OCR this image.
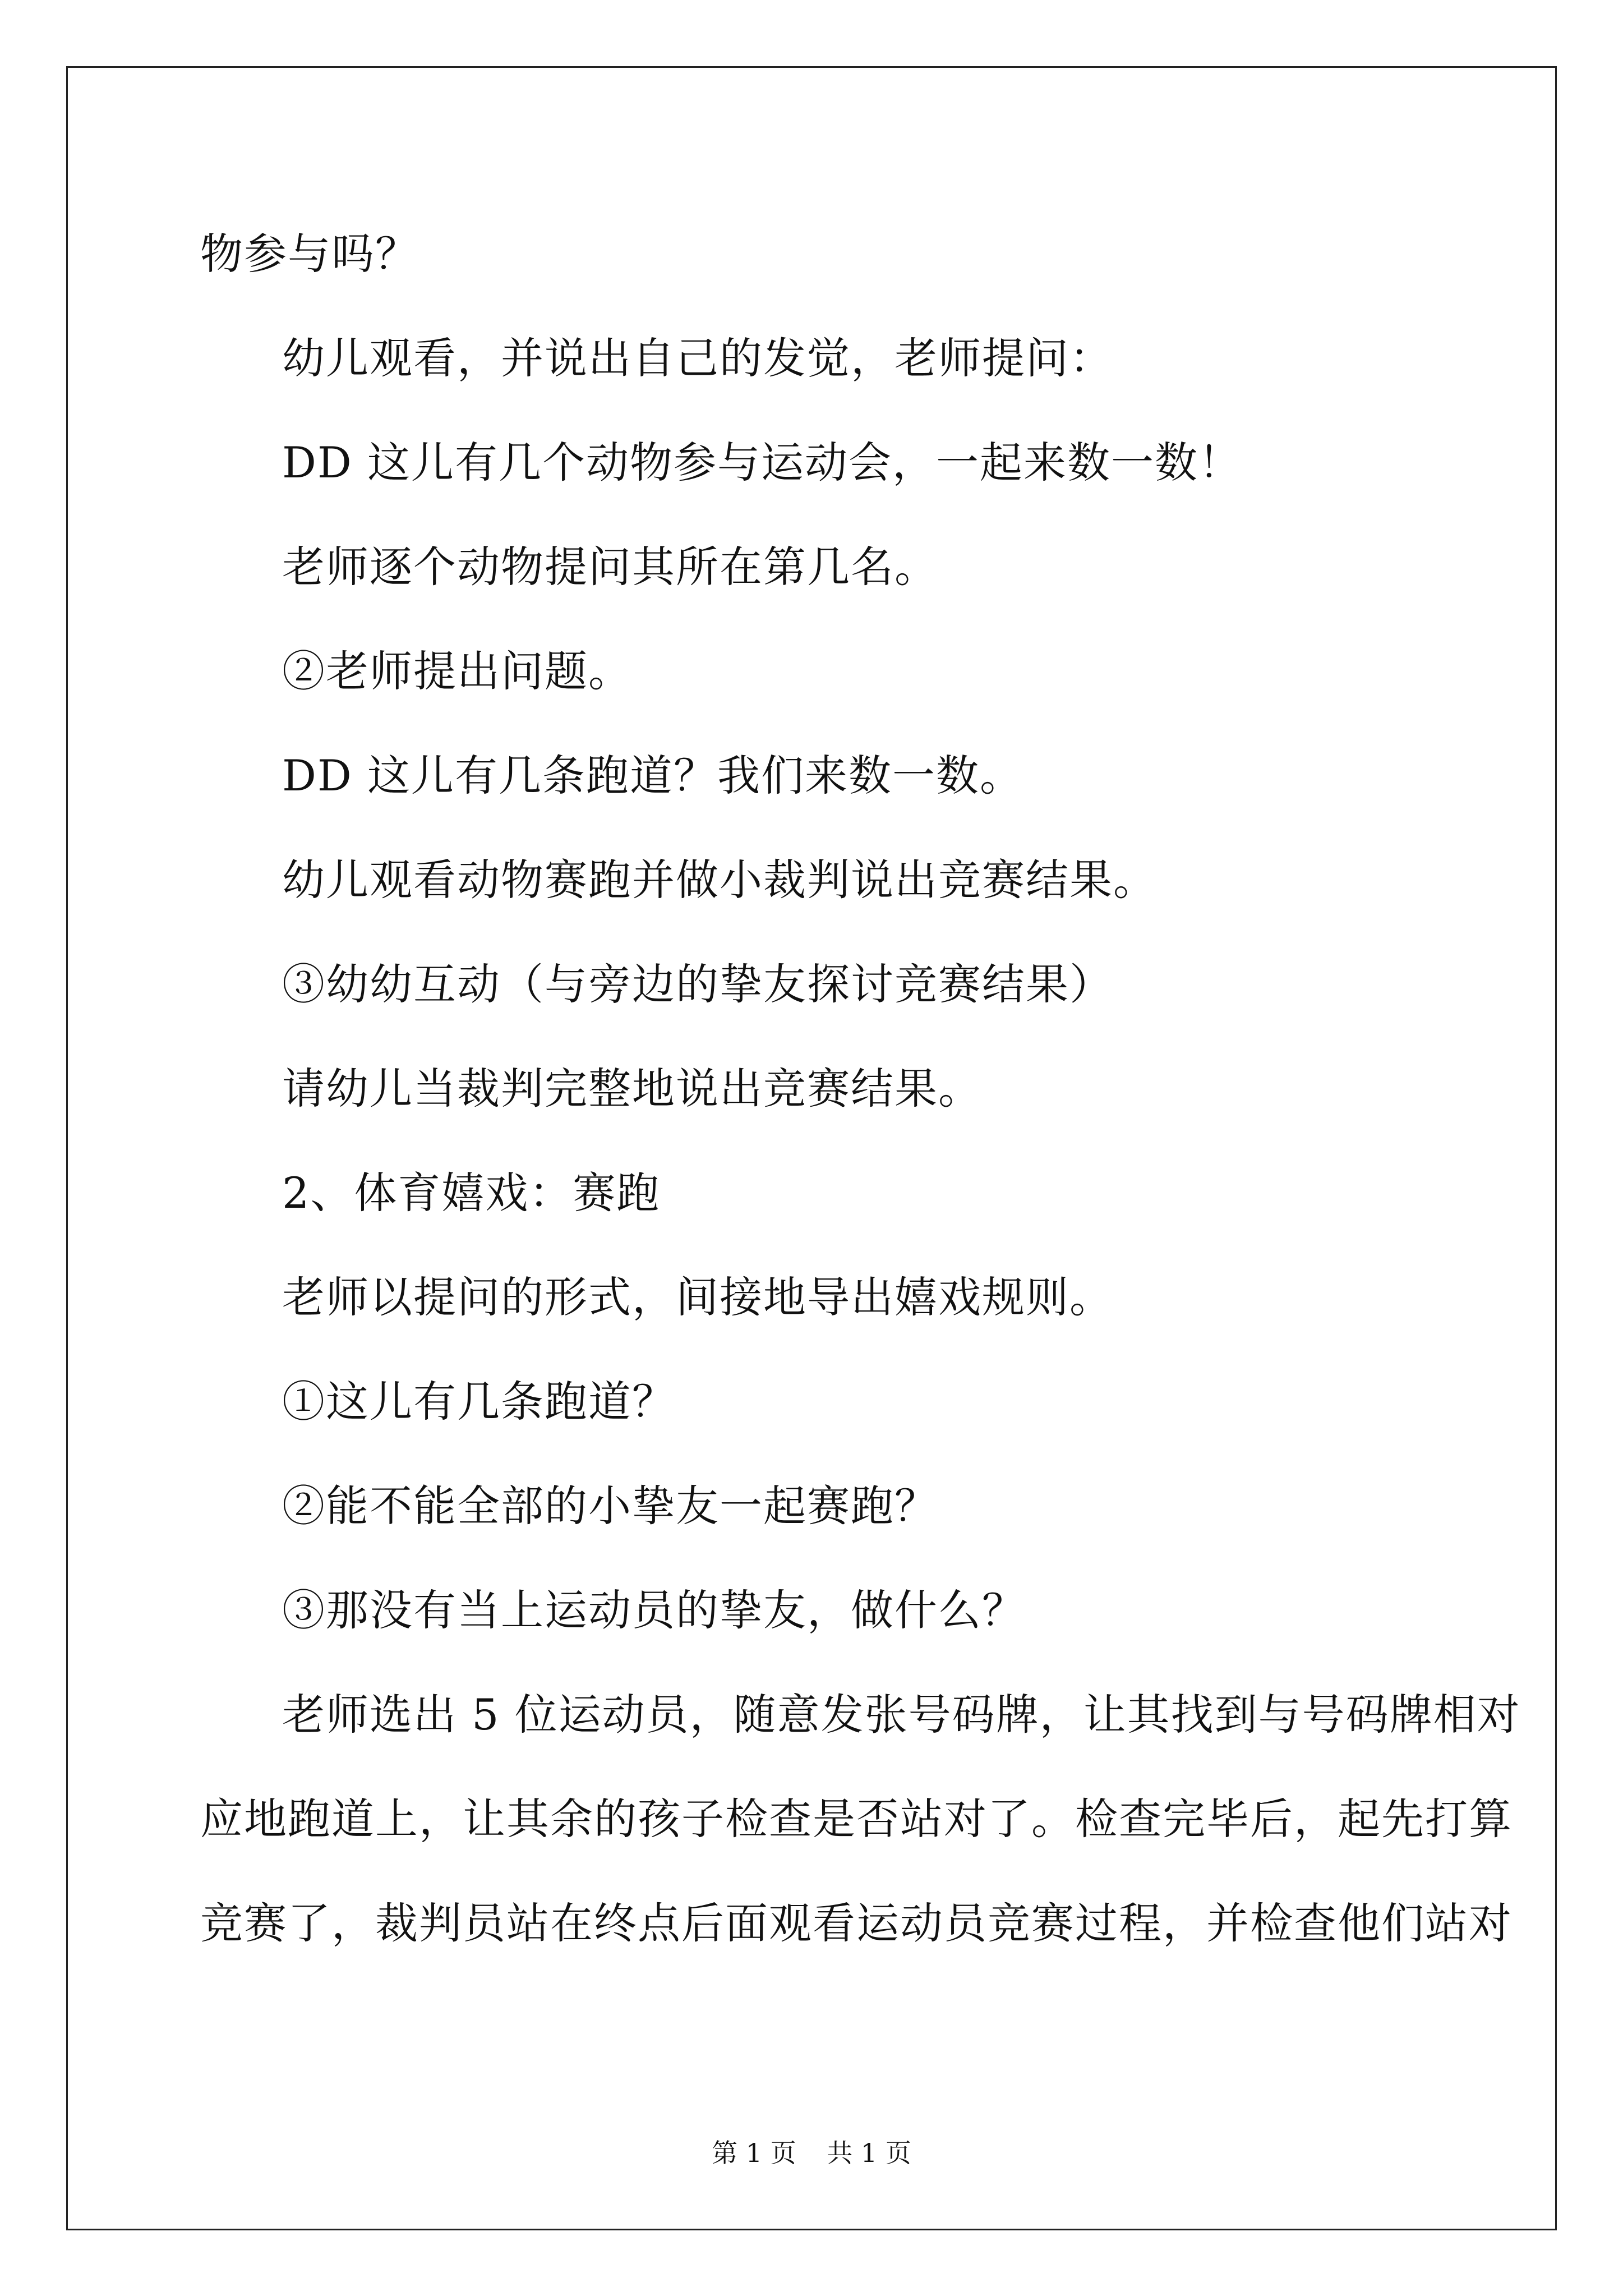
物参与吗？
幼儿观看，并说出自己的发觉，老师提问：
DD 这儿有几个动物参与运动会，一起来数一数！
老师逐个动物提问其所在第几名。
②老师提出问题。
DD 这儿有几条跑道？我们来数一数。
幼儿观看动物赛跑并做小裁判说出竞赛结果。
③幼幼互动（与旁边的挚友探讨竞赛结果）
请幼儿当裁判完整地说出竞赛结果。
2、体育嬉戏：赛跑
老师以提问的形式，间接地导出嬉戏规则。
①这儿有几条跑道？
②能不能全部的小挚友一起赛跑？
③那没有当上运动员的挚友，做什么？
老师选出 5 位运动员，随意发张号码牌，让其找到与号码牌相对
应地跑道上，让其余的孩子检查是否站对了。检查完毕后，起先打算
竞赛了，裁判员站在终点后面观看运动员竞赛过程，并检查他们站对
第 1 页 共 1 页
